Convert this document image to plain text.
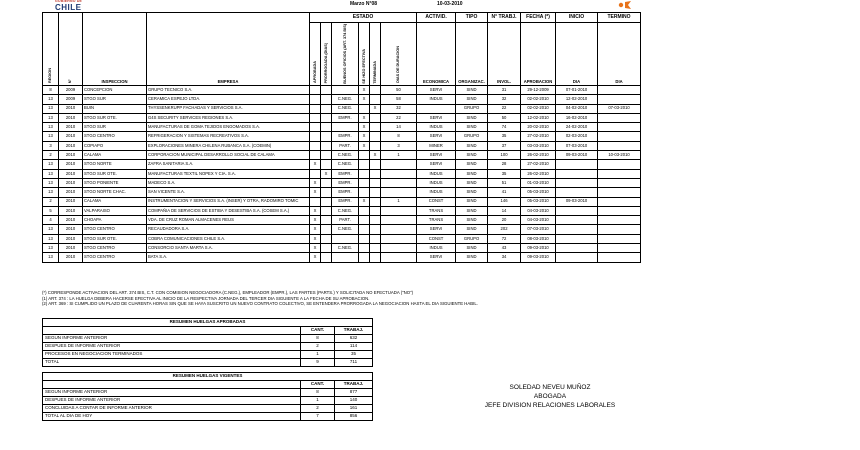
GOBIERNO DE
CHILE	Marzo N°08	10-03-2010
REGION	N°	INSPECCION	EMPRESA	ESTADO						ACTIVID.	TIPO	N° TRABJ.	FECHA (*)	INICIO	TERMINO
				APROBADA	PRORROGADA (DIAS)	BUENOS OFICIOS (ART. 374 BIS)	SE HIZO EFECTIVA	TERMINADA	DIAS DE DURACION	ECONOMICA	ORGANIZAC.	INVOL.	APROBACION	DIA	DIA
8	2009	CONCEPCION	GRUPO TECNICO S.A.				X		50	SERVI	SIND	31	29-12-2009	07-01-2010	
13	2009	STGO SUR	CERAMICA ESPEJO LTDA.			C.NEG.	X		58	INDUS	SIND	32	02-02-2010	12-02-2010	
13	2010	BUIN	THYSSENKRUPP FACHADAS Y SERVICIOS S.A.			C.NEG.		X	32		GRUPO	22	02-02-2010	04-02-2010	07-03-2010
13	2010	STGO SUR OTE.	G4S SECURITY SERVICES REGIONES S.A.			EMPR.	X		22	SERVI	SIND	50	12-02-2010	16-02-2010	
13	2010	STGO SUR	MANUFACTURAS DE GOMA TEJIDOS ENGOMADOS S.A.				X		14	INDUS	SIND	74	20-02-2010	24-02-2010	
13	2010	STGO CENTRO	REFRIGERACION Y SISTEMAS RECREATIVOS S.A.			EMPR.	X		8	SERVI	GRUPO	35	27-02-2010	02-03-2010	
3	2010	COPIAPO	EXPLORACIONES MINERA CHILENA RUBANCA S.A. (COEMIN)			PART.	X		3	MINER	SIND	37	03-03-2010	07-03-2010	
2	2010	CALAMA	CORPORACION MUNICIPAL DESARROLLO SOCIAL DE CALAMA			C.NEG.		X	1	SERVI	SIND	100	26-02-2010	09-03-2010	10-03-2010
13	2010	STGO NORTE	ZAFRA SANITARIA S.A.	X		C.NEG.				SERVI	SIND	28	27-02-2010		
13	2010	STGO SUR OTE.	MANUFACTURAS TEXTIL NOPEX Y CIA. S.A.		X	EMPR.				INDUS	SIND	35	26-02-2010		
13	2010	STGO PONIENTE	MADECO S.A.	X		EMPR.				INDUS	SIND	51	01-03-2010		
13	2010	STGO NORTE CHAC.	SAN VICENTE S.A.	X		EMPR.				INDUS	SIND	41	05-03-2010		
2	2010	CALAMA	INSTRUMENTACION Y SERVICIOS S.A. (INSER) Y OTRA, RADOMIRO TOMIC			EMPR.	X		1	CONST	SIND	146	05-03-2010	09-03-2010	
5	2010	VALPARAISO	COMPAÑIA DE SERVICIOS DE ESTIBA Y DESESTIBA S.A. (COSEM S.A.)	X		C.NEG.				TRANS	SIND	14	04-03-2010		
4	2010	CHOAPA	VDA. DE CRUZ ROMAN ALMACENES REUS	X		PART.				TRANS	SIND	20	04-03-2010		
13	2010	STGO CENTRO	RECAUDADORA S.A.	X		C.NEG.				SERVI	SIND	202	07-03-2010		
13	2010	STGO SUR OTE.	COBRA COMUNICACIONES CHILE S.A.	X						CONST	GRUPO	72	08-03-2010		
13	2010	STGO CENTRO	CONSORCIO SANTA MARTA S.A.	X		C.NEG.				INDUS	SIND	43	09-03-2010		
13	2010	STGO CENTRO	BATA S.A.	X						SERVI	SIND	34	09-03-2010		
(*) CORRESPONDE ACTIVACION DEL ART. 374 BIS, C.T. CON COMISION NEGOCIADORA (C.NEG.), EMPLEADOR (EMPR.), LAS PARTES (PARTS.) Y SOLICITADA NO EFECTUADA ("NO")
(1) ART. 374 : LA HUELGA DEBERA HACERSE EFECTIVA AL INICIO DE LA RESPECTIVA JORNADA DEL TERCER DIA SIGUIENTE A LA FECHA DE SU APROBACION.
(2) ART. 369 : SI CUMPLIDO UN PLAZO DE CUARENTA HORAS SIN QUE SE HAYA SUSCRITO UN NUEVO CONTRATO COLECTIVO, SE ENTENDERA PRORROGADA LA NEGOCIACION HASTA EL DIA SIGUIENTE HABIL.
RESUMEN HUELGAS APROBADAS		
	CANT.	TRABAJ.
SEGUN INFORME ANTERIOR	8	632
DESPUES DE INFORME ANTERIOR	2	114
PROCESOS EN NEGOCIACION TERMINADOS	1	35
TOTAL	9	711
RESUMEN HUELGAS VIGENTES		
	CANT.	TRABAJ.
SEGUN INFORME ANTERIOR	8	877
DESPUES DE INFORME ANTERIOR	1	140
CONCLUIDAS A CONTAR DE INFORME ANTERIOR	2	161
TOTAL AL DIA DE HOY	7	856
SOLEDAD NEVEU MUÑOZ
ABOGADA
JEFE DIVISION RELACIONES LABORALES
